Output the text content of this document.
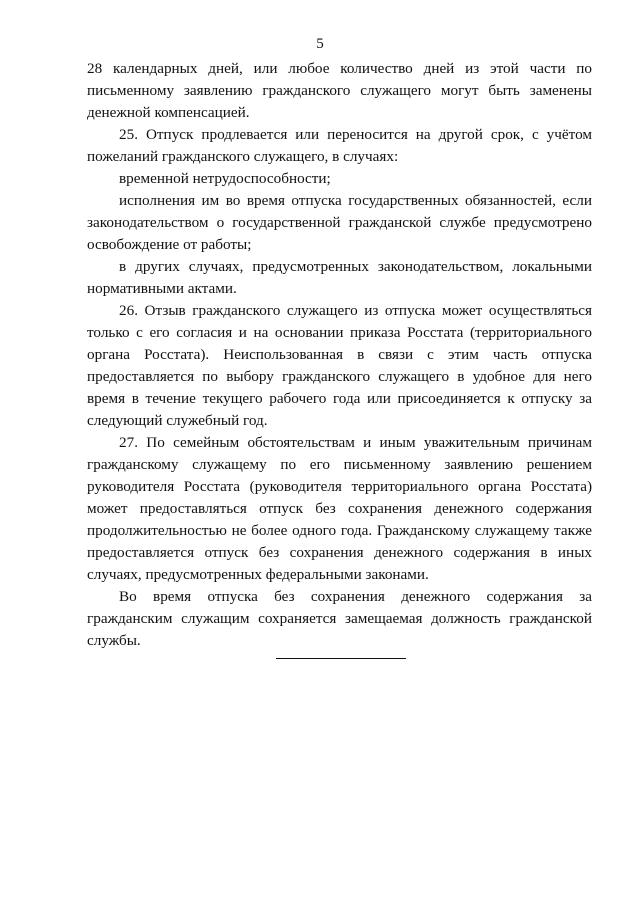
5

28 календарных дней, или любое количество дней из этой части по письменному заявлению гражданского служащего могут быть заменены денежной компенсацией.

25. Отпуск продлевается или переносится на другой срок, с учётом пожеланий гражданского служащего, в случаях:

временной нетрудоспособности;

исполнения им во время отпуска государственных обязанностей, если законодательством о государственной гражданской службе предусмотрено освобождение от работы;

в других случаях, предусмотренных законодательством, локальными нормативными актами.

26. Отзыв гражданского служащего из отпуска может осуществляться только с его согласия и на основании приказа Росстата (территориального органа Росстата). Неиспользованная в связи с этим часть отпуска предоставляется по выбору гражданского служащего в удобное для него время в течение текущего рабочего года или присоединяется к отпуску за следующий служебный год.

27. По семейным обстоятельствам и иным уважительным причинам гражданскому служащему по его письменному заявлению решением руководителя Росстата (руководителя территориального органа Росстата) может предоставляться отпуск без сохранения денежного содержания продолжительностью не более одного года. Гражданскому служащему также предоставляется отпуск без сохранения денежного содержания в иных случаях, предусмотренных федеральными законами.

Во время отпуска без сохранения денежного содержания за гражданским служащим сохраняется замещаемая должность гражданской службы.
